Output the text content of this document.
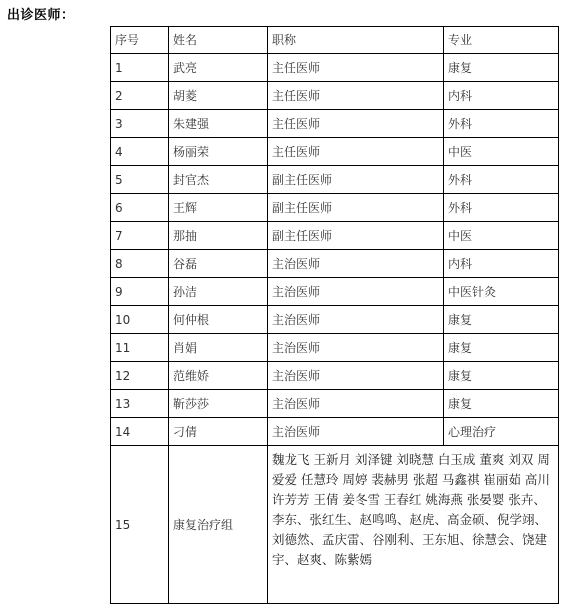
出诊医师：
序号	姓名	职称	专业
1	武亮	主任医师	康复
2	胡菱	主任医师	内科
3	朱建强	主任医师	外科
4	杨丽荣	主任医师	中医
5	封官杰	副主任医师	外科
6	王辉	副主任医师	外科
7	那抽	副主任医师	中医
8	谷磊	主治医师	内科
9	孙洁	主治医师	中医针灸
10	何仲根	主治医师	康复
11	肖娟	主治医师	康复
12	范维娇	主治医师	康复
13	靳莎莎	主治医师	康复
14	刁倩	主治医师	心理治疗
15	康复治疗组	魏龙飞 王新月 刘泽键 刘晓慧 白玉成 董爽 刘双 周爱爱 任慧玲 周婷 裴赫男 张超 马鑫祺 崔丽茹 高川 许芳芳 王倩 姜冬雪 王春红 姚海燕 张晏婴 张卉、李东、张红生、赵鸣鸣、赵虎、高金硕、倪学翊、刘德然、孟庆雷、谷刚利、王东旭、徐慧会、饶建宇、赵爽、陈紫嫣	
